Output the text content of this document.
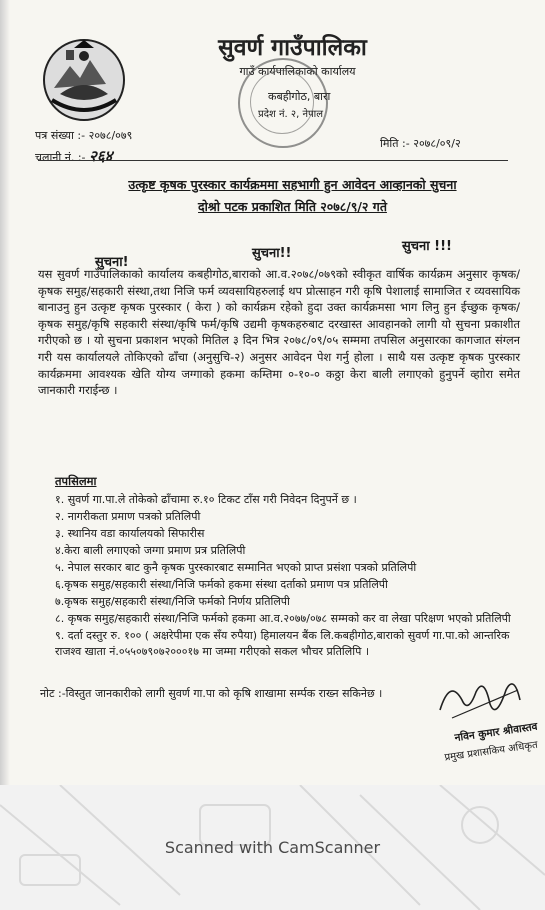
सुवर्ण गाउँपालिका
गाउँ कार्यपालिकाको कार्यालय
कबहीगोठ, बारा
प्रदेश नं. २, नेपाल
पत्र संख्या :- २०७८/०७९
चलानी नं. :- २६४
मिति :- २०७८/०९/२
उत्कृष्ट कृषक पुरस्कार कार्यक्रममा सहभागी हुन आवेदन आव्हानको सुचना
दोश्रो पटक प्रकाशित मिति २०७८/९/२ गते
सुचना!
सुचना!!	सुचना !!!
यस सुवर्ण गाउँपालिकाको कार्यालय कबहीगोठ,बाराको आ.व.२०७८/०७९को स्वीकृत वार्षिक कार्यक्रम अनुसार कृषक/कृषक समुह/सहकारी संस्था,तथा निजि फर्म व्यवसायिहरुलाई थप प्रोत्साहन गरी कृषि पेशालाई सामाजित र व्यवसायिक बानाउनु हुन उत्कृष्ट कृषक पुरस्कार ( केरा ) को कार्यक्रम रहेको हुदा उक्त कार्यक्रमसा भाग लिनु हुन ईच्छुक कृषक/कृषक समुह/कृषि सहकारी संस्था/कृषि फर्म/कृषि उद्यमी कृषकहरुबाट दरखास्त आवहानको लागी यो सुचना प्रकाशीत गरीएको छ । यो सुचना प्रकाशन भएको मितिल ३ दिन भित्र २०७८/०९/०५ सम्ममा तपसिल अनुसारका कागजात संग्लन गरी यस कार्यालयले तोकिएको ढाँचा (अनुसुचि-२) अनुसर आवेदन पेश गर्नु होला । साथै यस उत्कृष्ट कृषक पुरस्कार कार्यक्रममा आवश्यक खेति योग्य जग्गाको हकमा कम्तिमा ०-१०-० कठ्ठा केरा बाली लगाएको हुनुपर्ने व्हाोरा समेत जानकारी गराईन्छ ।
तपसिलमा
१. सुवर्ण गा.पा.ले तोकेको ढाँचामा रु.१० टिकट टाँस गरी निवेदन दिनुपर्ने छ ।
२. नागरीकता प्रमाण पत्रको प्रतिलिपी
३. स्थानिय वडा कार्यालयको सिफारीस
४.केरा बाली लगाएको जग्गा प्रमाण प्रत्र प्रतिलिपी
५. नेपाल सरकार बाट कुनै कृषक पुरस्कारबाट सम्मानित भएको प्राप्त प्रसंशा पत्रको प्रतिलिपी
६.कृषक समुह/सहकारी संस्था/निजि फर्मको हकमा संस्था दर्ताको प्रमाण पत्र प्रतिलिपी
७.कृषक समुह/सहकारी संस्था/निजि फर्मको निर्णय प्रतिलिपी
८. कृषक समुह/सहकारी संस्था/निजि फर्मको हकमा आ.व.२०७७/०७८ सम्मको कर वा लेखा परिक्षण भएको प्रतिलिपी
९. दर्ता दस्तुर रु. १०० ( अक्षरेपीमा एक सँय रुपैया) हिमालयन बैंक लि.कबहीगोठ,बाराको सुवर्ण गा.पा.को आन्तरिक राजश्व खाता नं.०५५०७९०७२०००१७ मा जम्मा गरीएको सकल भौचर प्रतिलिपि ।
नोट :-विस्तुत जानकारीको लागी सुवर्ण गा.पा को कृषि शाखामा सर्म्पक राख्न सकिनेछ ।
नविन कुमार श्रीवास्तव
प्रमुख प्रशासकिय अधिकृत
Scanned with CamScanner
